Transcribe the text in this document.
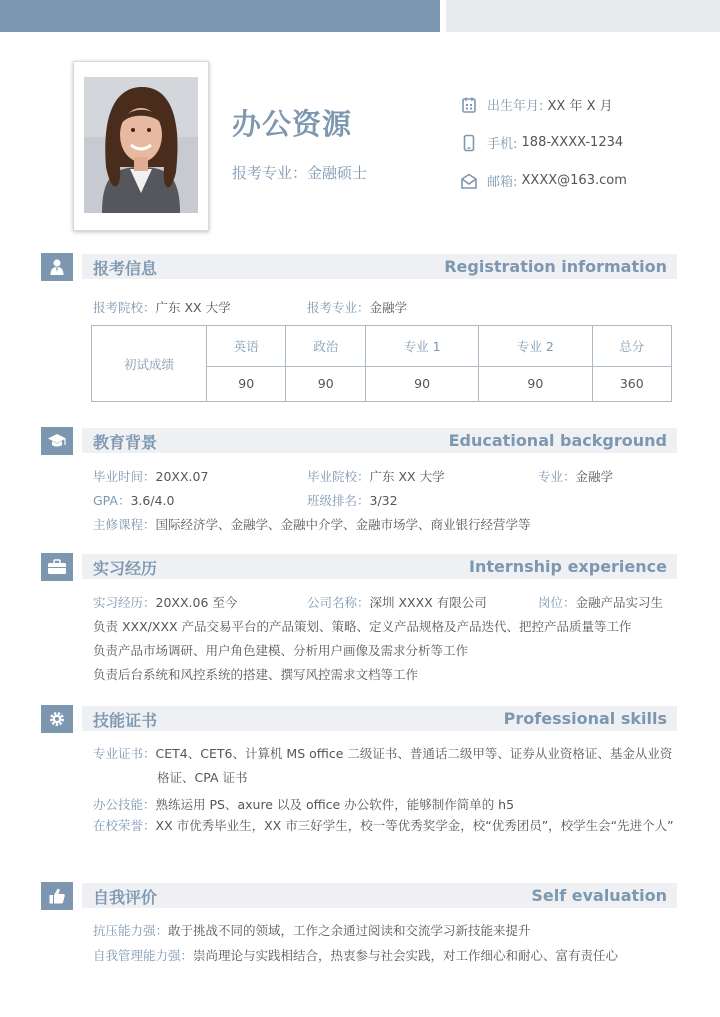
办公资源
报考专业：金融硕士
出生年月:
XX 年 X 月
手机:
188-XXXX-1234
邮箱:
XXXX@163.com
报考信息	Registration information
报考院校：广东 XX 大学	报考专业：金融学
初试成绩	英语	政治	专业 1	专业 2	总分
	90	90	90	90	360
教育背景	Educational background
毕业时间：20XX.07	毕业院校：广东 XX 大学	专业：金融学
GPA：3.6/4.0	班级排名：3/32
主修课程：国际经济学、金融学、金融中介学、金融市场学、商业银行经营学等
实习经历	Internship experience
实习经历：20XX.06 至今	公司名称：深圳 XXXX 有限公司	岗位：金融产品实习生
负责 XXX/XXX 产品交易平台的产品策划、策略、定义产品规格及产品迭代、把控产品质量等工作
负责产品市场调研、用户角色建模、分析用户画像及需求分析等工作
负责后台系统和风控系统的搭建、撰写风控需求文档等工作
技能证书	Professional skills
专业证书：CET4、CET6、计算机 MS office 二级证书、普通话二级甲等、证券从业资格证、基金从业资格证、CPA 证书
办公技能：熟练运用 PS、axure 以及 office 办公软件，能够制作简单的 h5
在校荣誉：XX 市优秀毕业生，XX 市三好学生，校一等优秀奖学金，校“优秀团员”，校学生会“先进个人”
自我评价	Self evaluation
抗压能力强：敢于挑战不同的领域，工作之余通过阅读和交流学习新技能来提升
自我管理能力强：崇尚理论与实践相结合，热衷参与社会实践，对工作细心和耐心、富有责任心
